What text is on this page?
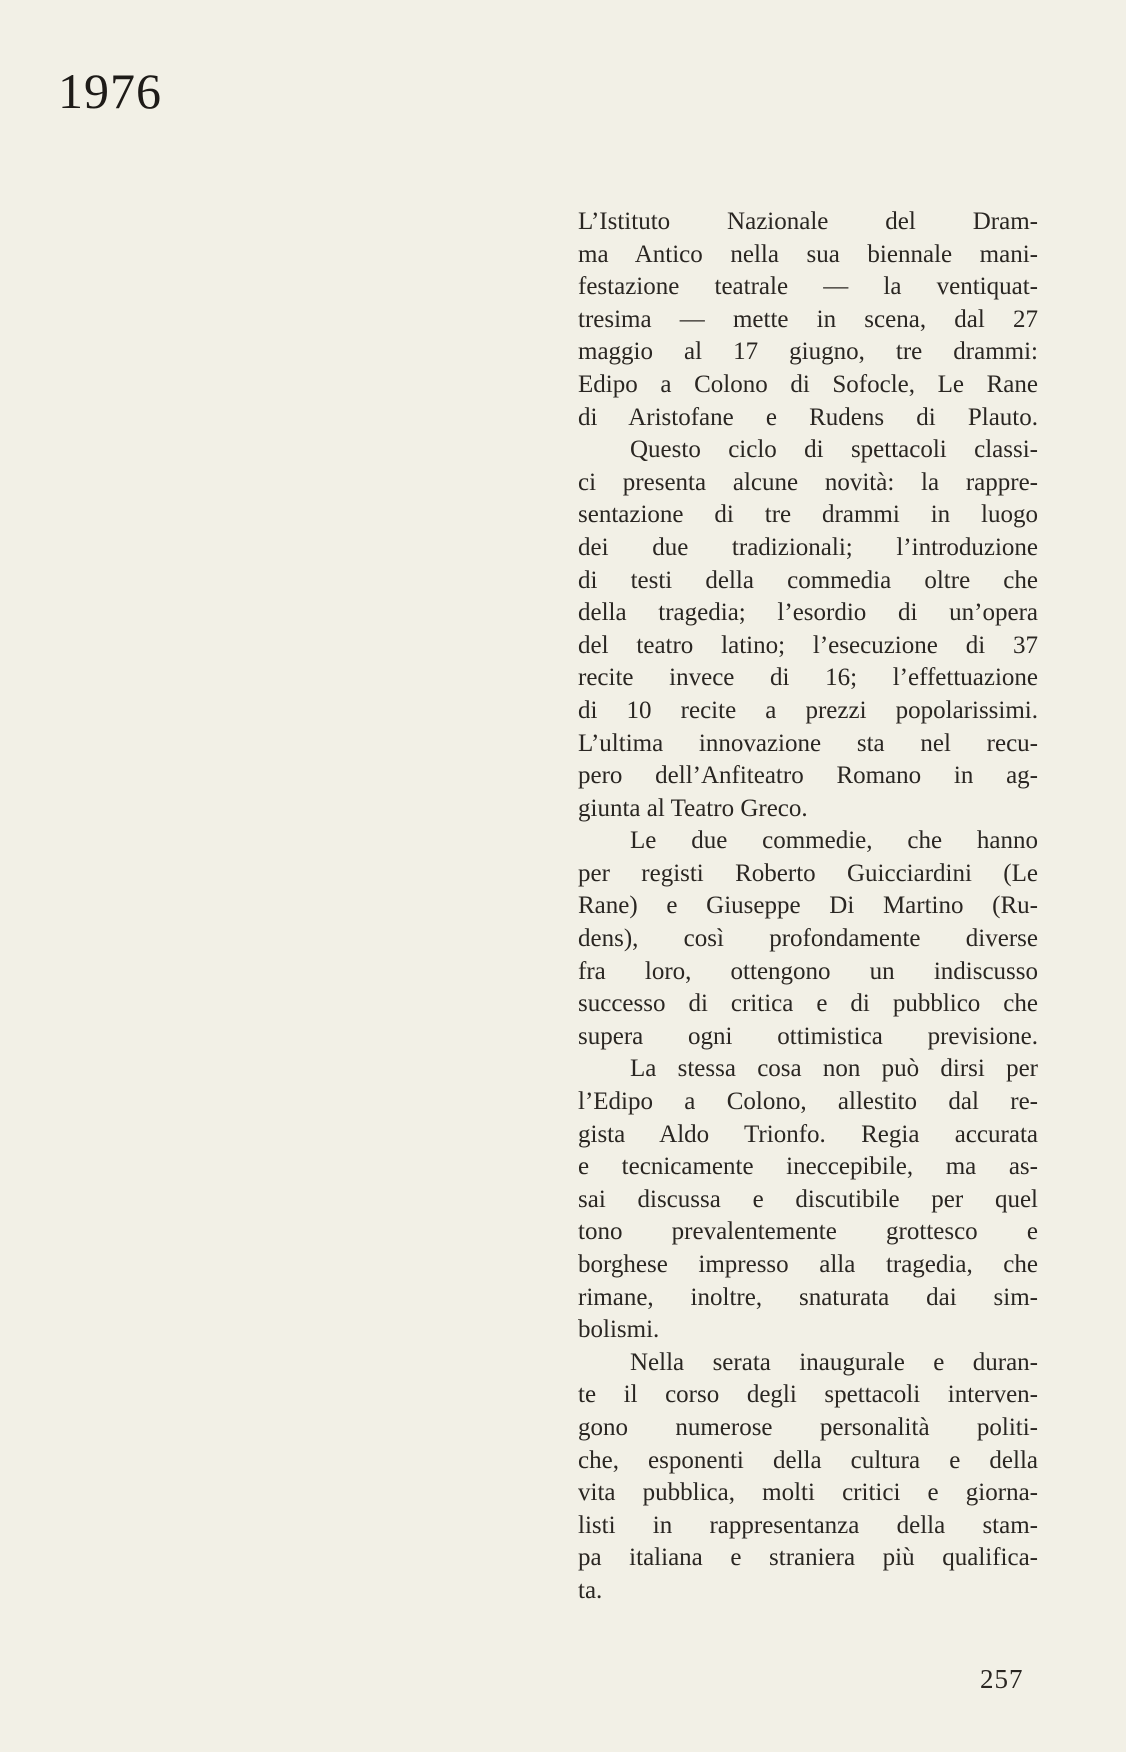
1976
L’Istituto Nazionale del Dram-
ma Antico nella sua biennale mani-
festazione teatrale — la ventiquat-
tresima — mette in scena, dal 27
maggio al 17 giugno, tre drammi:
Edipo a Colono di Sofocle, Le Rane
di Aristofane e Rudens di Plauto.
Questo ciclo di spettacoli classi-
ci presenta alcune novità: la rappre-
sentazione di tre drammi in luogo
dei due tradizionali; l’introduzione
di testi della commedia oltre che
della tragedia; l’esordio di un’opera
del teatro latino; l’esecuzione di 37
recite invece di 16; l’effettuazione
di 10 recite a prezzi popolarissimi.
L’ultima innovazione sta nel recu-
pero dell’Anfiteatro Romano in ag-
giunta al Teatro Greco.
Le due commedie, che hanno
per registi Roberto Guicciardini (Le
Rane) e Giuseppe Di Martino (Ru-
dens), così profondamente diverse
fra loro, ottengono un indiscusso
successo di critica e di pubblico che
supera ogni ottimistica previsione.
La stessa cosa non può dirsi per
l’Edipo a Colono, allestito dal re-
gista Aldo Trionfo. Regia accurata
e tecnicamente ineccepibile, ma as-
sai discussa e discutibile per quel
tono prevalentemente grottesco e
borghese impresso alla tragedia, che
rimane, inoltre, snaturata dai sim-
bolismi.
Nella serata inaugurale e duran-
te il corso degli spettacoli interven-
gono numerose personalità politi-
che, esponenti della cultura e della
vita pubblica, molti critici e giorna-
listi in rappresentanza della stam-
pa italiana e straniera più qualifica-
ta.
257
